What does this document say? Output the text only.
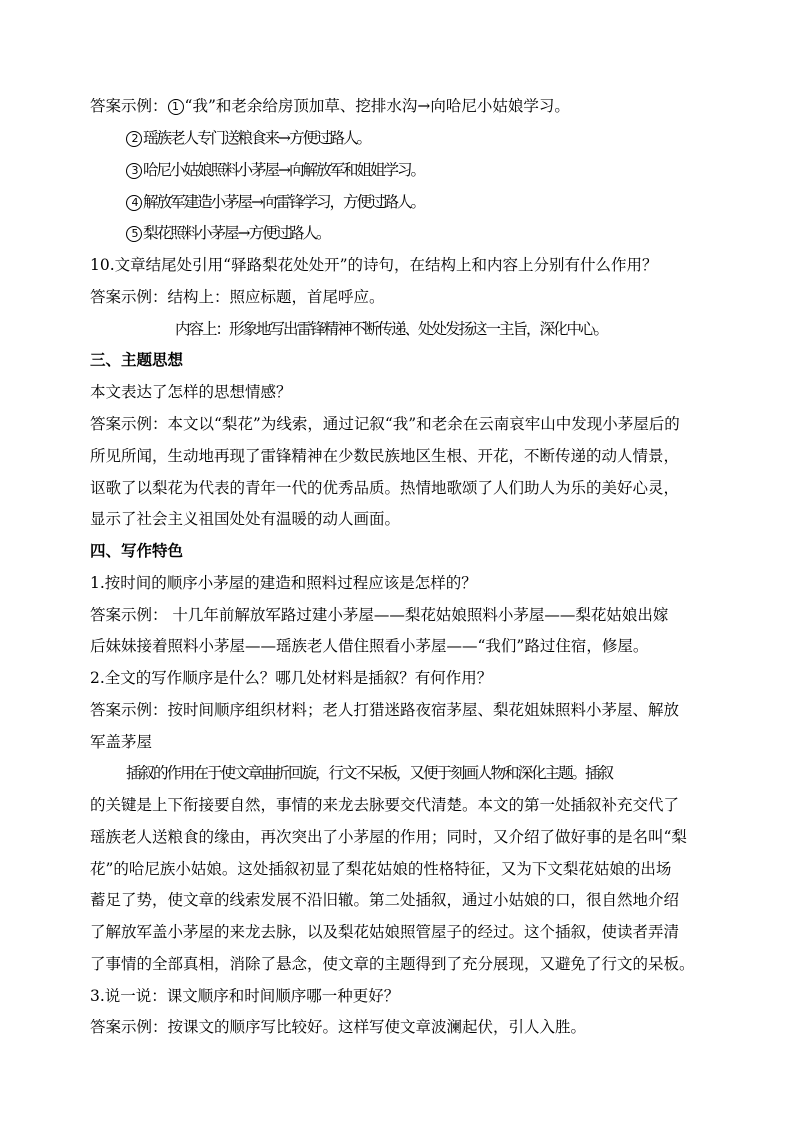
答案示例： 1 “我”和老余给房顶加草、挖排水沟→向哈尼小姑娘学习。
2 瑶族老人专门送粮食来→方便过路人。
3 哈尼小姑娘照料小茅屋→向解放军和姐姐学习。
4 解放军建造小茅屋→向雷锋学习，方便过路人。
5 梨花照料小茅屋→方便过路人。
10.文章结尾处引用“驿路梨花处处开”的诗句，在结构上和内容上分别有什么作用？
答案示例：结构上：照应标题，首尾呼应。
内容上：形象地写出雷锋精神不断传递、处处发扬这一主旨，深化中心。
三、主题思想
本文表达了怎样的思想情感？
答案示例：本文以“梨花”为线索，通过记叙“我”和老余在云南哀牢山中发现小茅屋后的
所见所闻，生动地再现了雷锋精神在少数民族地区生根、开花，不断传递的动人情景，
讴歌了以梨花为代表的青年一代的优秀品质。热情地歌颂了人们助人为乐的美好心灵，
显示了社会主义祖国处处有温暖的动人画面。
四、写作特色
1.按时间的顺序小茅屋的建造和照料过程应该是怎样的？
答案示例： 十几年前解放军路过建小茅屋——梨花姑娘照料小茅屋——梨花姑娘出嫁
后妹妹接着照料小茅屋——瑶族老人借住照看小茅屋——“我们”路过住宿，修屋。
2.全文的写作顺序是什么？哪几处材料是插叙？有何作用？
答案示例：按时间顺序组织材料；老人打猎迷路夜宿茅屋、梨花姐妹照料小茅屋、解放
军盖茅屋
插叙的作用在于使文章曲折回旋，行文不呆板，又便于刻画人物和深化主题。插叙
的关键是上下衔接要自然，事情的来龙去脉要交代清楚。本文的第一处插叙补充交代了
瑶族老人送粮食的缘由，再次突出了小茅屋的作用；同时，又介绍了做好事的是名叫“梨
花”的哈尼族小姑娘。这处插叙初显了梨花姑娘的性格特征，又为下文梨花姑娘的出场
蓄足了势，使文章的线索发展不沿旧辙。第二处插叙，通过小姑娘的口，很自然地介绍
了解放军盖小茅屋的来龙去脉，以及梨花姑娘照管屋子的经过。这个插叙，使读者弄清
了事情的全部真相，消除了悬念，使文章的主题得到了充分展现，又避免了行文的呆板。
3.说一说：课文顺序和时间顺序哪一种更好？
答案示例：按课文的顺序写比较好。这样写使文章波澜起伏，引人入胜。
